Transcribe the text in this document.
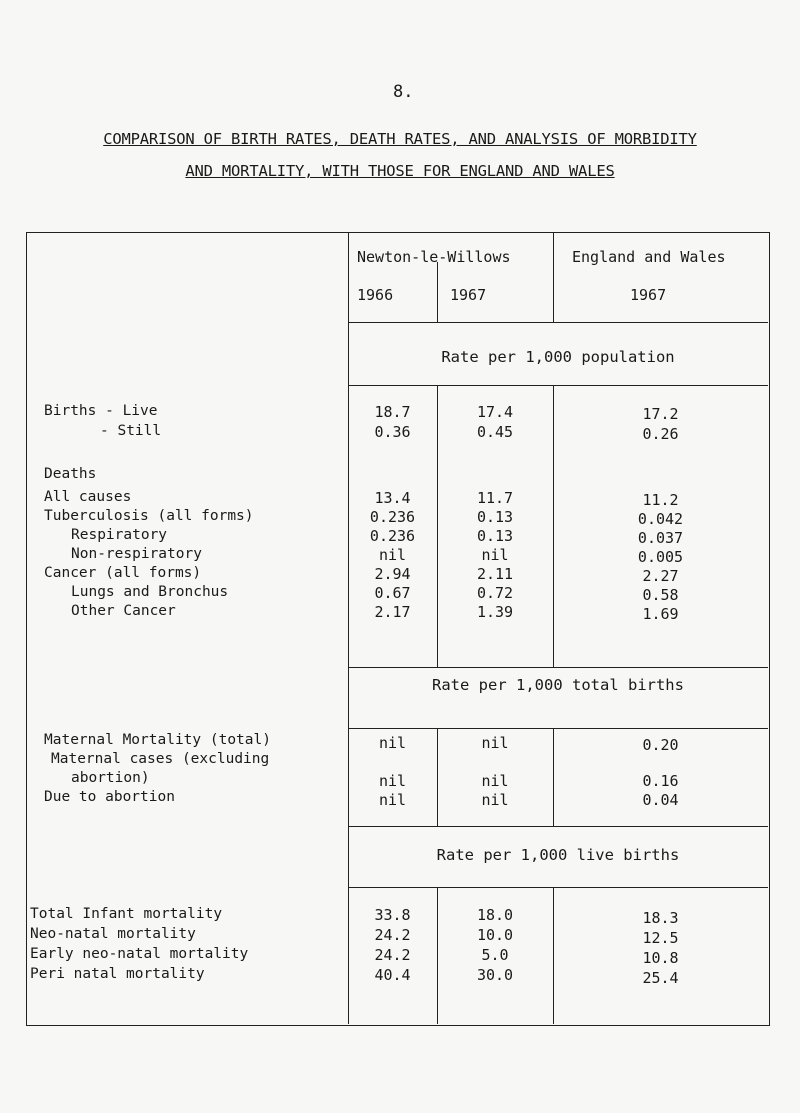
8.
COMPARISON OF BIRTH RATES, DEATH RATES, AND ANALYSIS OF MORBIDITY
AND MORTALITY, WITH THOSE FOR ENGLAND AND WALES
Newton-le-Willows	England and Wales
1966	1967	1967
Rate per 1,000 population
Rate per 1,000 total births
Rate per 1,000 live births
Births - Live	18.7	17.4	17.2
- Still	0.36	0.45	0.26
Deaths
All causes	13.4	11.7	11.2
Tuberculosis (all forms)	0.236	0.13	0.042
Respiratory	0.236	0.13	0.037
Non-respiratory	nil	nil	0.005
Cancer (all forms)	2.94	2.11	2.27
Lungs and Bronchus	0.67	0.72	0.58
Other Cancer	2.17	1.39	1.69
Maternal Mortality (total)	nil	nil	0.20
Maternal cases (excluding
abortion)	nil	nil	0.16
Due to abortion	nil	nil	0.04
Total Infant mortality	33.8	18.0	18.3
Neo-natal mortality	24.2	10.0	12.5
Early neo-natal mortality	24.2	5.0	10.8
Peri natal mortality	40.4	30.0	25.4
